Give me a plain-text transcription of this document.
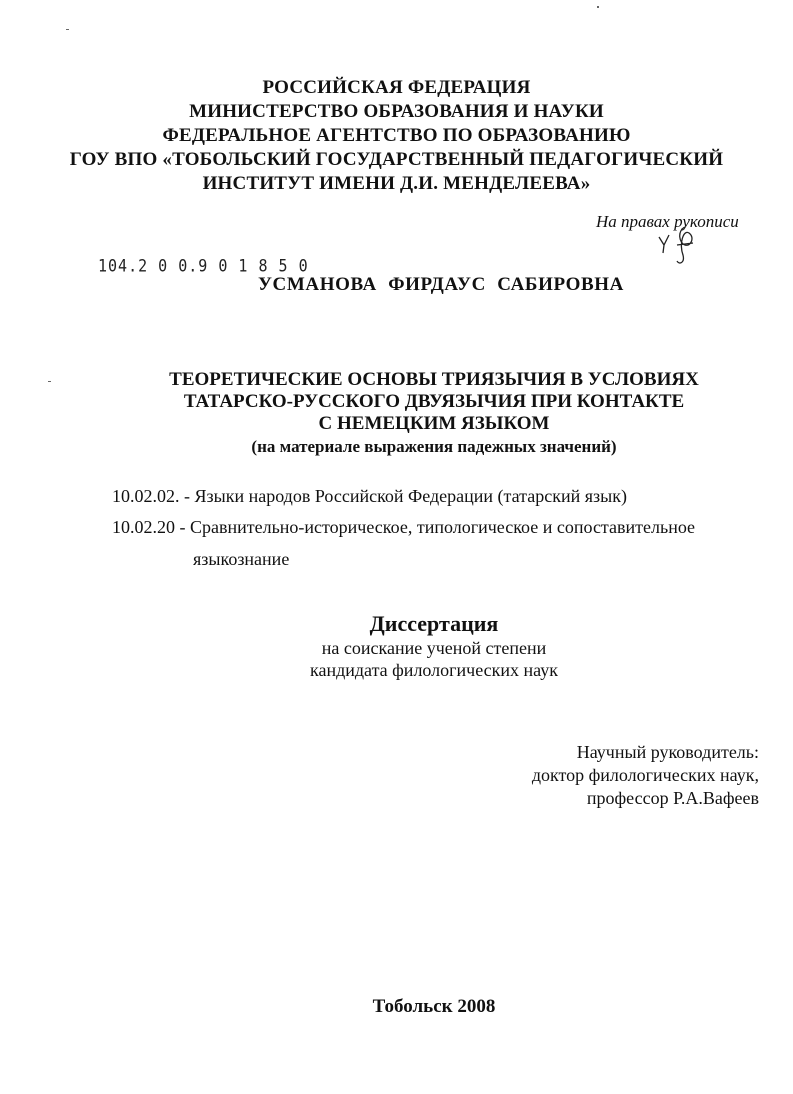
РОССИЙСКАЯ ФЕДЕРАЦИЯ
МИНИСТЕРСТВО ОБРАЗОВАНИЯ И НАУКИ
ФЕДЕРАЛЬНОЕ АГЕНТСТВО ПО ОБРАЗОВАНИЮ
ГОУ ВПО «ТОБОЛЬСКИЙ ГОСУДАРСТВЕННЫЙ ПЕДАГОГИЧЕСКИЙ
ИНСТИТУТ ИМЕНИ Д.И. МЕНДЕЛЕЕВА»
На правах рукописи
104.2 0 0.9 0 1 8 5 0
УСМАНОВА ФИРДАУС САБИРОВНА
ТЕОРЕТИЧЕСКИЕ ОСНОВЫ ТРИЯЗЫЧИЯ В УСЛОВИЯХ
ТАТАРСКО-РУССКОГО ДВУЯЗЫЧИЯ ПРИ КОНТАКТЕ
С НЕМЕЦКИМ ЯЗЫКОМ
(на материале выражения падежных значений)
10.02.02. - Языки народов Российской Федерации (татарский язык)
10.02.20 - Сравнительно-историческое, типологическое и сопоставительное
языкознание
Диссертация
на соискание ученой степени
кандидата филологических наук
Научный руководитель:
доктор филологических наук,
профессор Р.А.Вафеев
Тобольск 2008
